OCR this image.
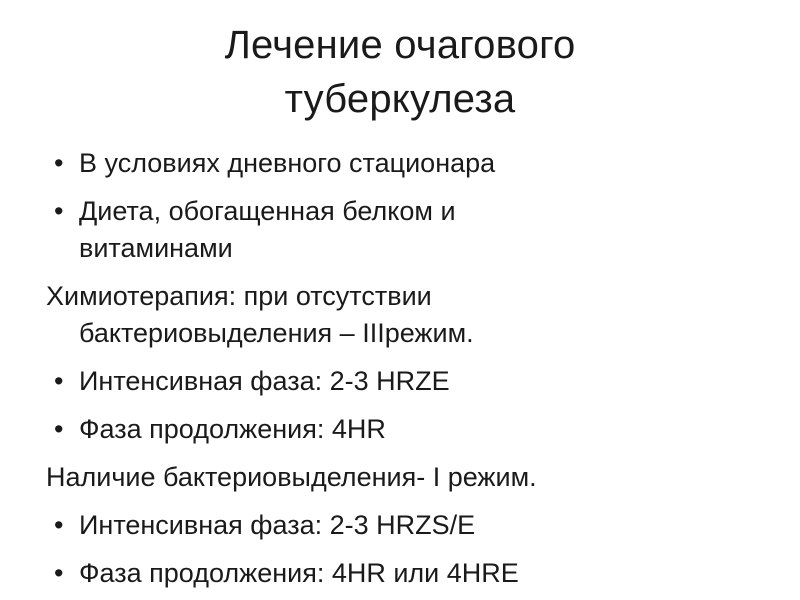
Лечение очагового
туберкулеза
• В условиях дневного стационара
• Диета, обогащенная белком и
витаминами
Химиотерапия: при отсутствии
бактериовыделения – IIIрежим.
• Интенсивная фаза: 2-3 HRZE
• Фаза продолжения: 4HR
Наличие бактериовыделения- I режим.
• Интенсивная фаза: 2-3 HRZS/E
• Фаза продолжения: 4HR или 4HRE
